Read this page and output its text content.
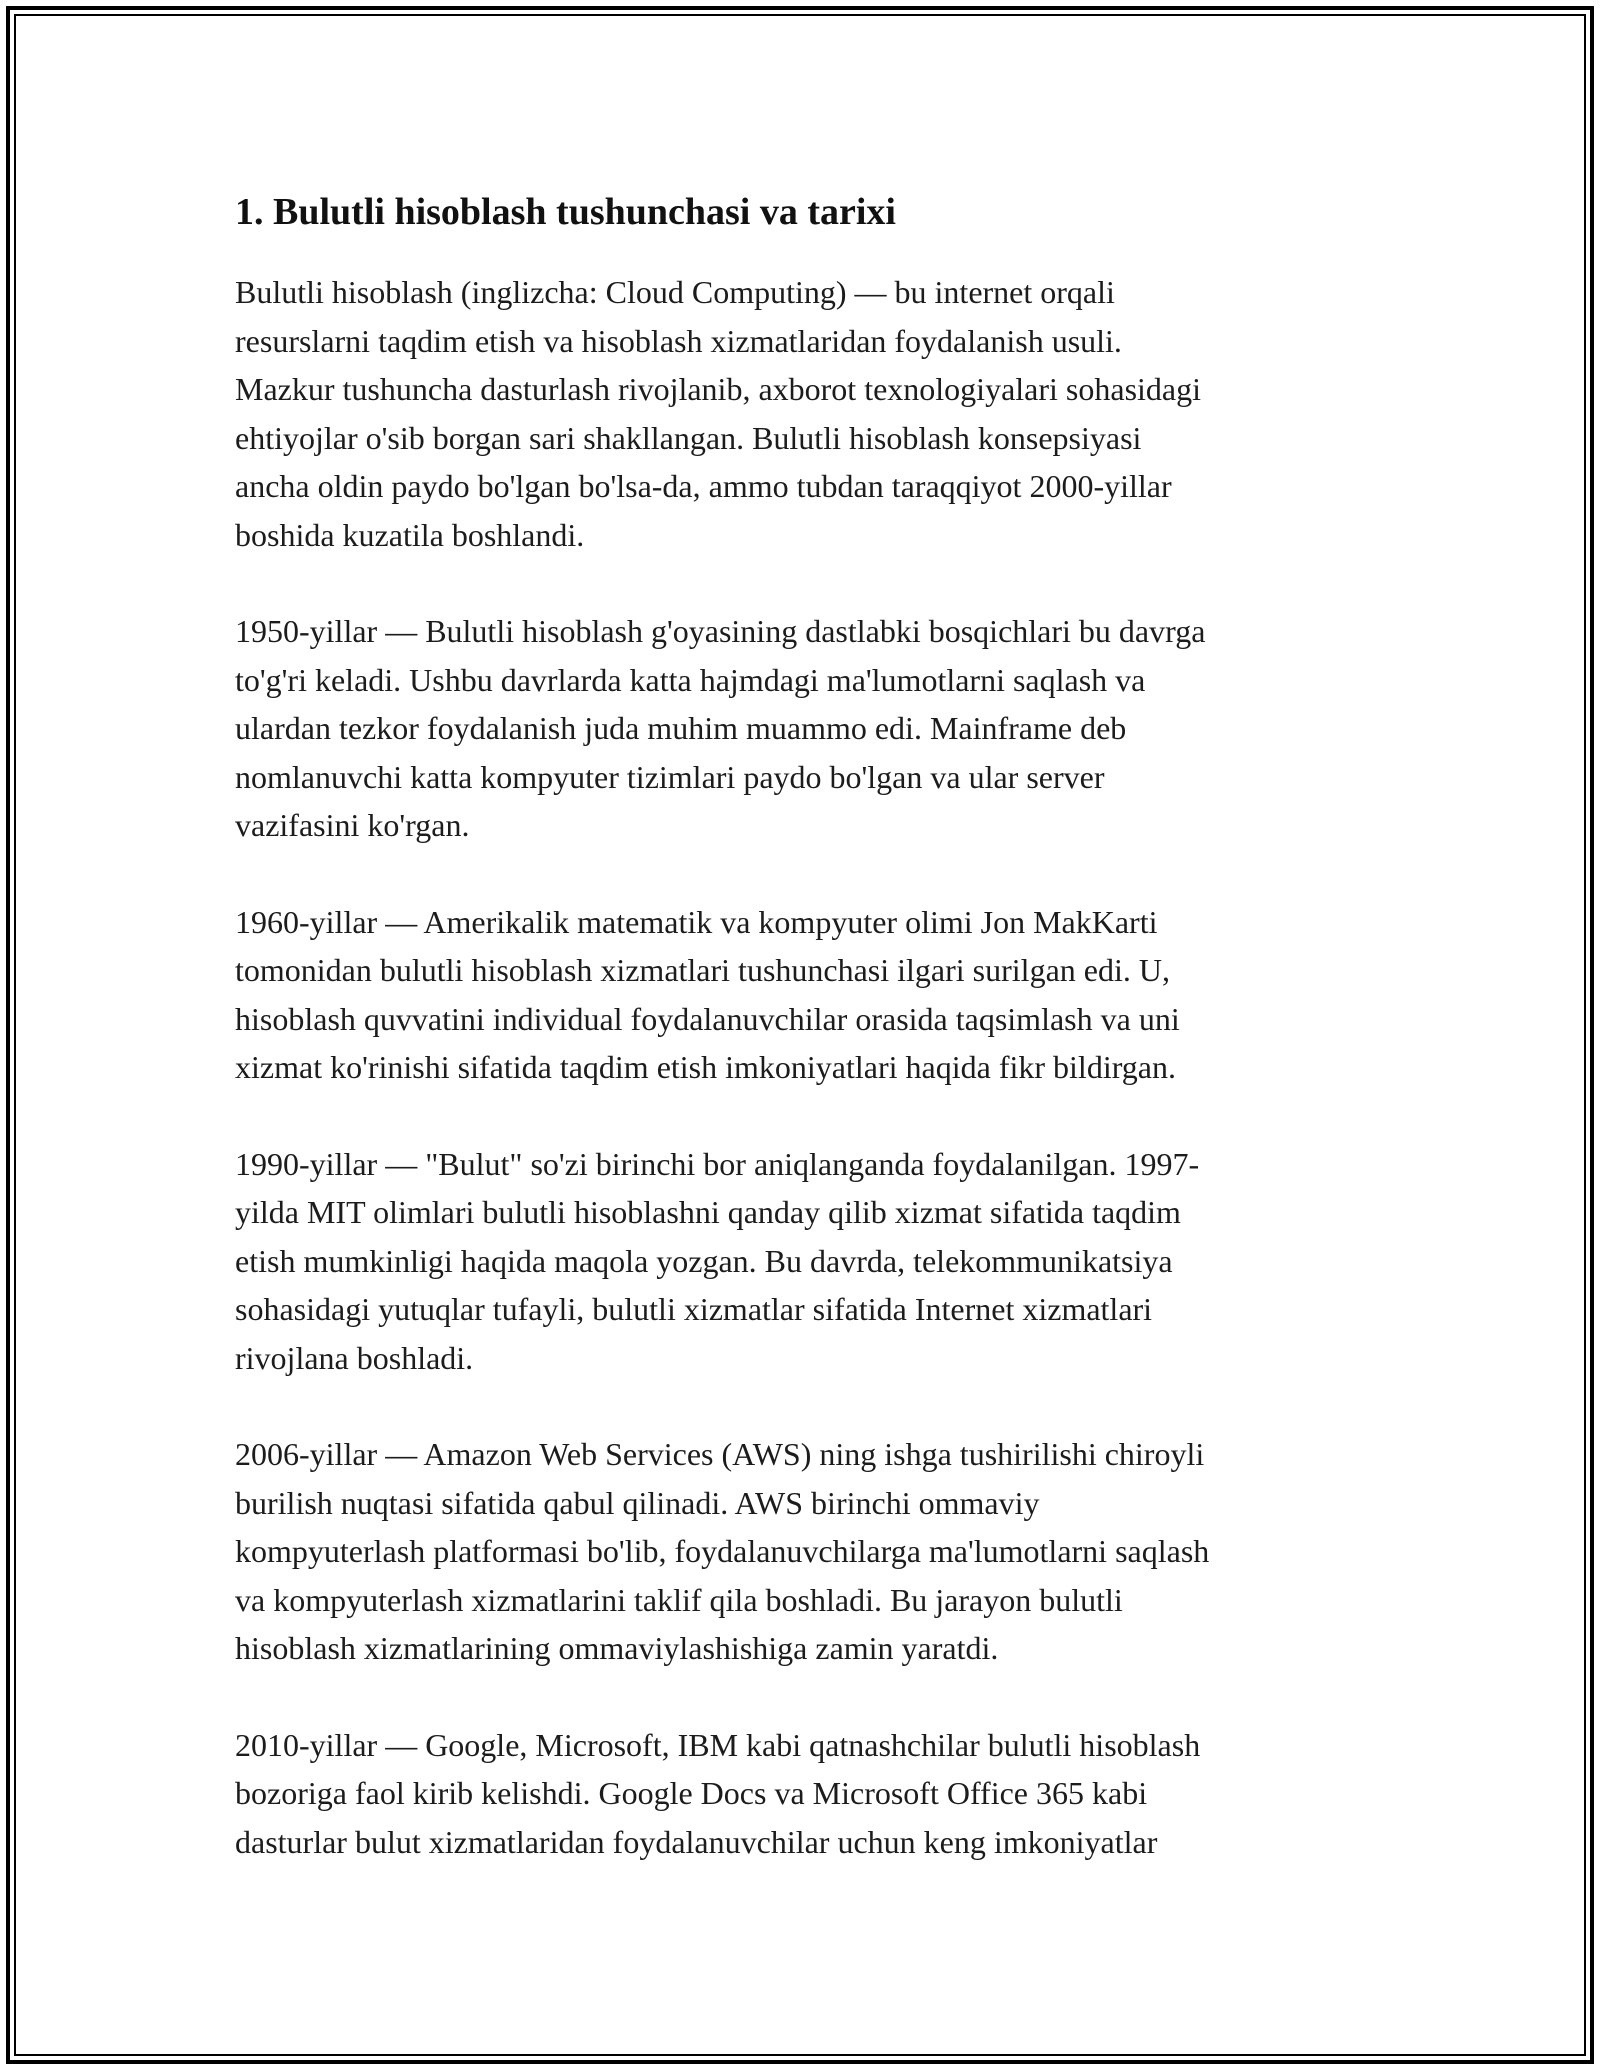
1. Bulutli hisoblash tushunchasi va tarixi

Bulutli hisoblash (inglizcha: Cloud Computing) — bu internet orqali
resurslarni taqdim etish va hisoblash xizmatlaridan foydalanish usuli.
Mazkur tushuncha dasturlash rivojlanib, axborot texnologiyalari sohasidagi
ehtiyojlar o'sib borgan sari shakllangan. Bulutli hisoblash konsepsiyasi
ancha oldin paydo bo'lgan bo'lsa-da, ammo tubdan taraqqiyot 2000-yillar
boshida kuzatila boshlandi.

1950-yillar — Bulutli hisoblash g'oyasining dastlabki bosqichlari bu davrga
to'g'ri keladi. Ushbu davrlarda katta hajmdagi ma'lumotlarni saqlash va
ulardan tezkor foydalanish juda muhim muammo edi. Mainframe deb
nomlanuvchi katta kompyuter tizimlari paydo bo'lgan va ular server
vazifasini ko'rgan.

1960-yillar — Amerikalik matematik va kompyuter olimi Jon MakKarti
tomonidan bulutli hisoblash xizmatlari tushunchasi ilgari surilgan edi. U,
hisoblash quvvatini individual foydalanuvchilar orasida taqsimlash va uni
xizmat ko'rinishi sifatida taqdim etish imkoniyatlari haqida fikr bildirgan.

1990-yillar — "Bulut" so'zi birinchi bor aniqlanganda foydalanilgan. 1997-
yilda MIT olimlari bulutli hisoblashni qanday qilib xizmat sifatida taqdim
etish mumkinligi haqida maqola yozgan. Bu davrda, telekommunikatsiya
sohasidagi yutuqlar tufayli, bulutli xizmatlar sifatida Internet xizmatlari
rivojlana boshladi.

2006-yillar — Amazon Web Services (AWS) ning ishga tushirilishi chiroyli
burilish nuqtasi sifatida qabul qilinadi. AWS birinchi ommaviy
kompyuterlash platformasi bo'lib, foydalanuvchilarga ma'lumotlarni saqlash
va kompyuterlash xizmatlarini taklif qila boshladi. Bu jarayon bulutli
hisoblash xizmatlarining ommaviylashishiga zamin yaratdi.

2010-yillar — Google, Microsoft, IBM kabi qatnashchilar bulutli hisoblash
bozoriga faol kirib kelishdi. Google Docs va Microsoft Office 365 kabi
dasturlar bulut xizmatlaridan foydalanuvchilar uchun keng imkoniyatlar
